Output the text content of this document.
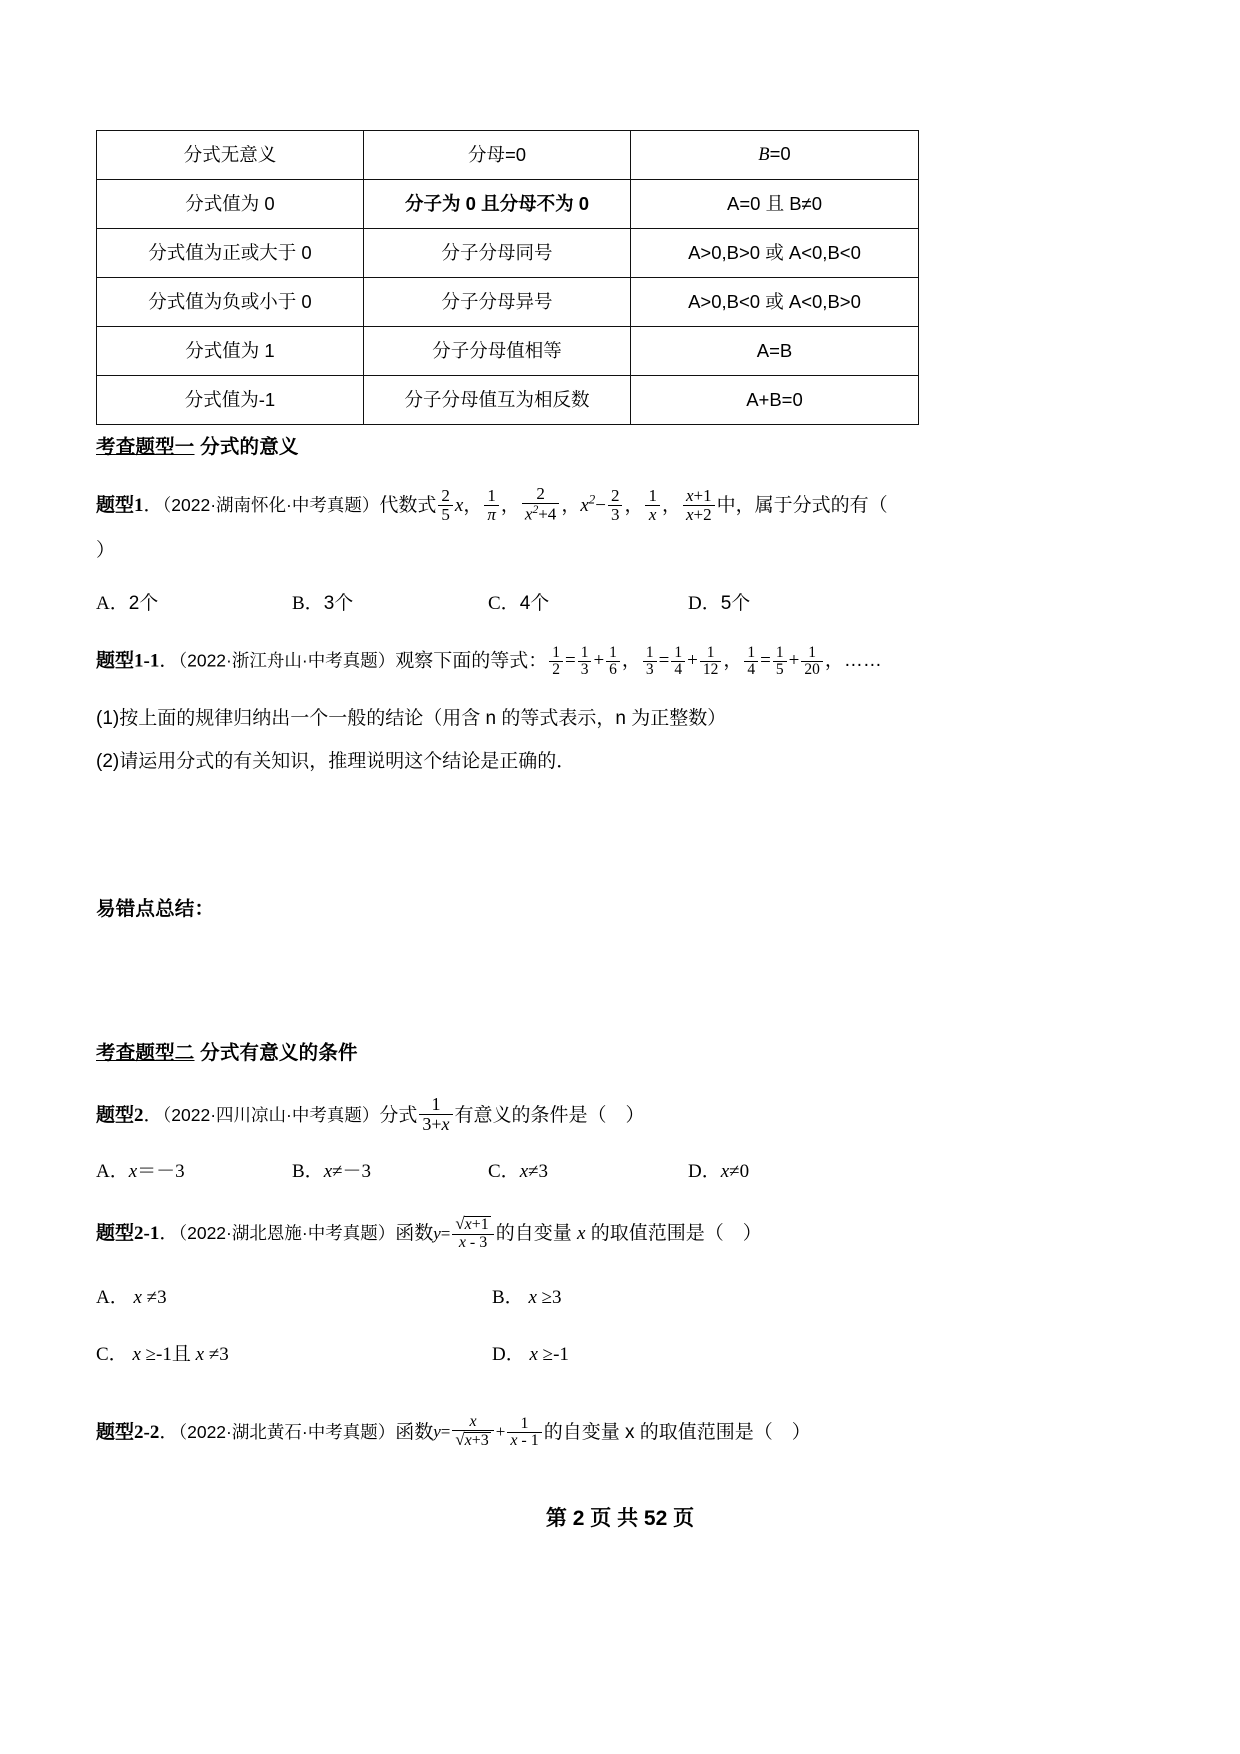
分式无意义	分母=0	B=0
分式值为 0	分子为 0 且分母不为 0	A=0 且 B≠0
分式值为正或大于 0	分子分母同号	A>0,B>0 或 A<0,B<0
分式值为负或小于 0	分子分母异号	A>0,B<0 或 A<0,B>0
分式值为 1	分子分母值相等	A=B
分式值为-1	分子分母值互为相反数	A+B=0
考查题型一 分式的意义
题型1．（2022·湖南怀化·中考真题）代数式 $\frac{2}{5}$ x， $\frac{1}{\pi}$ ， $\frac{2}{x^2+4}$ ，$x^2- \frac{2}{3}$ ， $\frac{1}{x}$ ， $\frac{x+1}{x+2}$ 中，属于分式的有（
）
A．2个	B．3个	C．4个	D．5个
题型1-1．（2022·浙江舟山·中考真题）观察下面的等式： $\frac{1}{2} = \frac{1}{3} + \frac{1}{6}$ ， $\frac{1}{3} = \frac{1}{4} + \frac{1}{12}$ ， $\frac{1}{4} = \frac{1}{5} + \frac{1}{20}$ ，……
(1)按上面的规律归纳出一个一般的结论（用含 n 的等式表示，n 为正整数）
(2)请运用分式的有关知识，推理说明这个结论是正确的．
易错点总结：
考查题型二 分式有意义的条件
题型2．（2022·四川凉山·中考真题）分式 $\frac{1}{3+x}$ 有意义的条件是（　）
A．x＝－3	B．x≠－3	C．x≠3	D．x≠0
题型2-1．（2022·湖北恩施·中考真题）函数$y= \frac{√x+1}{x - 3}$ 的自变量 x 的取值范围是（　）
A． x ≠3	B． x ≥3
C． x ≥-1且 x ≠3	D． x ≥-1
题型2-2．（2022·湖北黄石·中考真题）函数$y= \frac{x}{√x+3} + \frac{1}{x - 1}$ 的自变量 x 的取值范围是（　）
第 2 页 共 52 页
